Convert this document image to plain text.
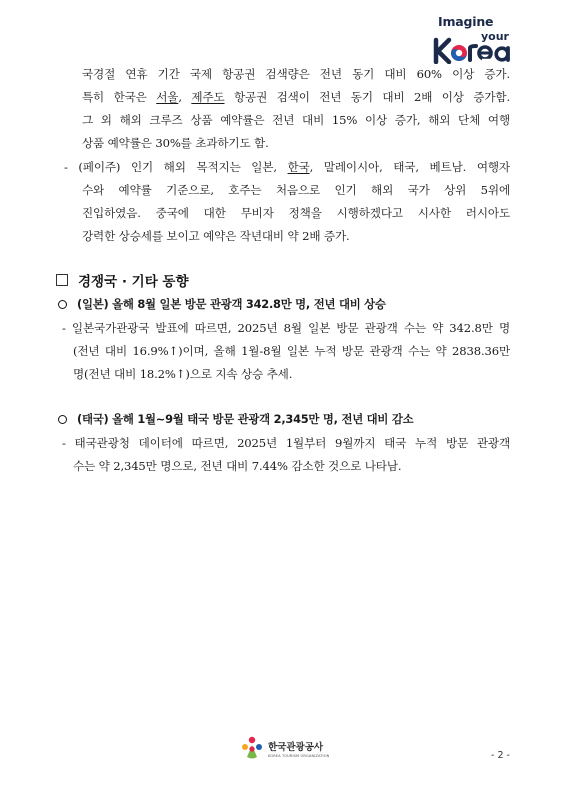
Imagine
your
국경절 연휴 기간 국제 항공권 검색량은 전년 동기 대비 60% 이상 증가.
특히 한국은 서울, 제주도 항공권 검색이 전년 동기 대비 2배 이상 증가함.
그 외 해외 크루즈 상품 예약률은 전년 대비 15% 이상 증가, 해외 단체 여행
상품 예약률은 30%를 초과하기도 함.
- (페이주) 인기 해외 목적지는 일본, 한국, 말레이시아, 태국, 베트남. 여행자
수와 예약률 기준으로, 호주는 처음으로 인기 해외 국가 상위 5위에
진입하였음. 중국에 대한 무비자 정책을 시행하겠다고 시사한 러시아도
강력한 상승세를 보이고 예약은 작년대비 약 2배 증가.
경쟁국 · 기타 동향
(일본) 올해 8월 일본 방문 관광객 342.8만 명, 전년 대비 상승
- 일본국가관광국 발표에 따르면, 2025년 8월 일본 방문 관광객 수는 약 342.8만 명
(전년 대비 16.9%↑)이며, 올해 1월-8월 일본 누적 방문 관광객 수는 약 2838.36만
명(전년 대비 18.2%↑)으로 지속 상승 추세.
(태국) 올해 1월~9월 태국 방문 관광객 2,345만 명, 전년 대비 감소
- 태국관광청 데이터에 따르면, 2025년 1월부터 9월까지 태국 누적 방문 관광객
수는 약 2,345만 명으로, 전년 대비 7.44% 감소한 것으로 나타남.
한국관광공사
KOREA TOURISM ORGANIZATION	- 2 -
